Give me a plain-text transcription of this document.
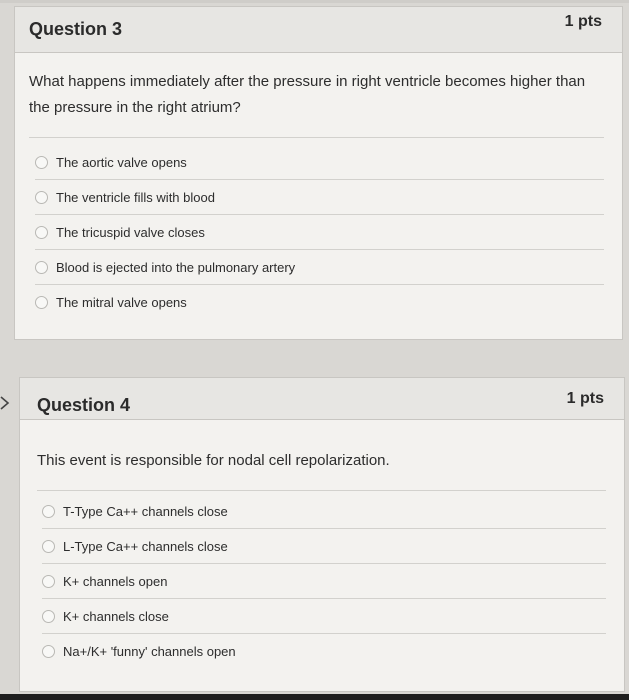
Question 3	1 pts
What happens immediately after the pressure in right ventricle becomes higher than the pressure in the right atrium?
The aortic valve opens
The ventricle fills with blood
The tricuspid valve closes
Blood is ejected into the pulmonary artery
The mitral valve opens
Question 4	1 pts
This event is responsible for nodal cell repolarization.
T-Type Ca++ channels close
L-Type Ca++ channels close
K+ channels open
K+ channels close
Na+/K+ 'funny' channels open
